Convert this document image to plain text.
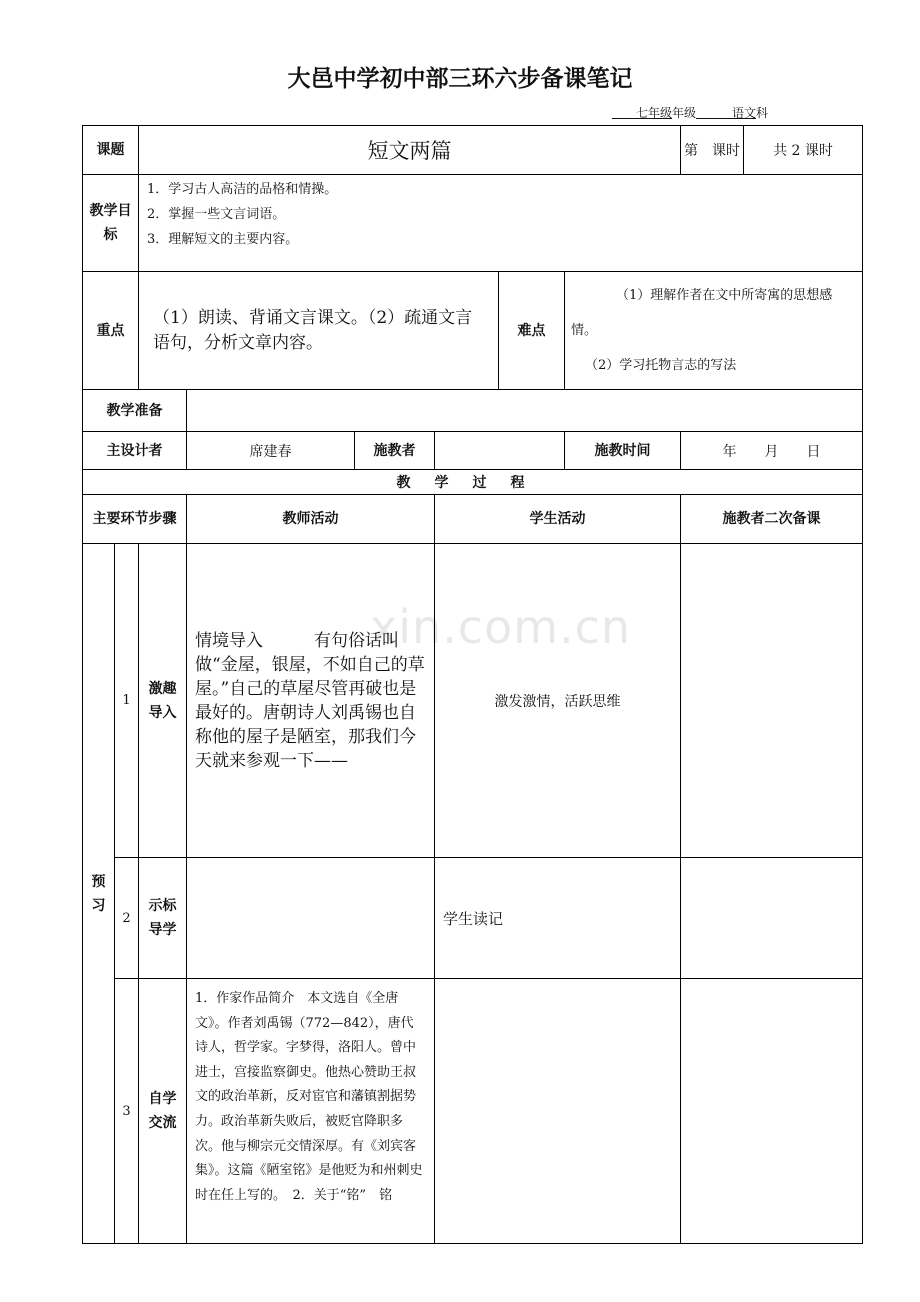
大邑中学初中部三环六步备课笔记
  七年级年级   	语文科
课题		短文两篇						第　课时	共 2 课时
教学目标		1．学习古人高洁的品格和情操。
2．掌握一些文言词语。
3．理解短文的主要内容。							

重点		（1）朗读、背诵文言课文。（2）疏通文言语句，分析文章内容。				难点	（1）理解作者在文中所寄寓的思想感情。
（2）学习托物言志的写法		

教学准备									
主设计者			席建春	施教者			施教时间	年　　月　　日	
教学过程									
主要环节步骤			教师活动		学生活动			施教者二次备课	
预习	1	激趣导入	情境导入　　　有句俗话叫做“金屋，银屋，不如自己的草屋。”自己的草屋尽管再破也是最好的。唐朝诗人刘禹锡也自称他的屋子是陋室，那我们今天就来参观一下——		激发激情，活跃思维				
	2	示标导学			学生读记				
	3	自学交流	1．作家作品简介　本文选自《全唐文》。作者刘禹锡（772—842），唐代诗人，哲学家。字梦得，洛阳人。曾中进士，宫接监察御史。他热心赞助王叔文的政治革新，反对宦官和藩镇割据势力。政治革新失败后，被贬官降职多次。他与柳宗元交情深厚。有《刘宾客集》。这篇《陋室铭》是他贬为和州刺史时在任上写的。　2．关于“铭”　铭						
xin.com.cn
